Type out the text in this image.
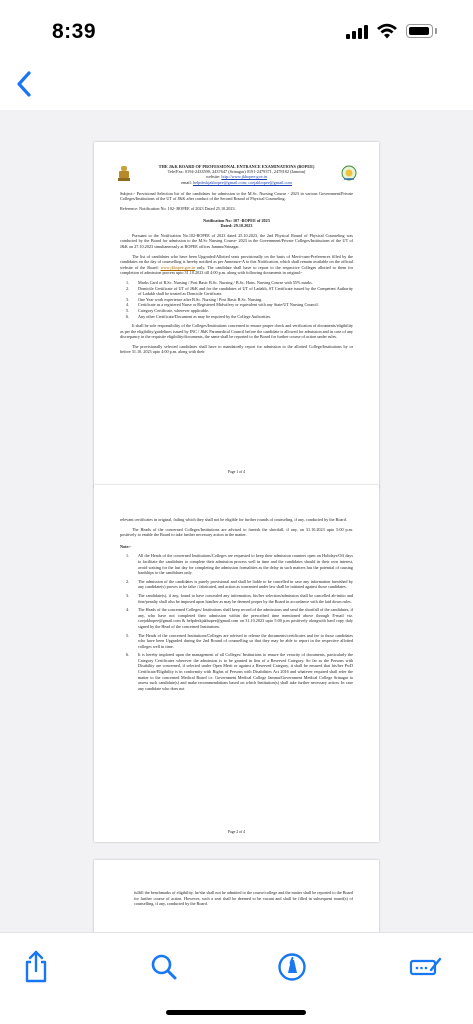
8:39
THE J&K BOARD OF PROFESSIONAL ENTRANCE EXAMINATIONS (BOPEE)
Tele/Fax: 0194-2433590, 2437647 (Srinagar) 0191-2479371, 2478182 (Jammu)
website: http://www.jkbopee.gov.in
email: helpdeskjakbopee@gmail.com; coejakbopee@gmail.com
Subject:- Provisional Selection list of the candidates for admission to the M.Sc. Nursing Course - 2023 in various Government/Private Colleges/Institutions of the UT of J&K after conduct of the Second Round of Physical Counseling.
Reference: Notification No. 102- BOPEE of 2023 Dated 25.10.2023.
Notification No: 107 -BOPEE of 2023
Dated: 29.10.2023
Pursuant to the Notification No.102-BOPEE of 2023 dated 25.10.2023, the 2nd Physical Round of Physical Counseling was conducted by the Board for admission to the M.Sc Nursing Course- 2023 in the Government/Private Colleges/Institutions of the UT of J&K on 27.10.2023 simultaneously at BOPEE offices Jammu/Srinagar.
The list of candidates who have been Upgraded/Allotted seats provisionally on the basis of Merit-cum-Preferences filled by the candidates on the day of counselling is hereby notified as per Annexure-A to this Notification, which shall remain available on the official website of the Board: www.jkbopee.gov.in only. The candidate shall have to report to the respective Colleges allotted to them for completion of admission process upto 31.10.2023 till 4:00 p.m. along with following documents in original:-
1.	Marks Card of B.Sc. Nursing / Post Basic B.Sc. Nursing / B.Sc. Hons. Nursing Course with 55% marks.
2.	Domicile Certificate of UT of J&K and for the candidates of UT of Ladakh, ST Certificate issued by the Competent Authority of Ladakh shall be treated as Domicile Certificate.
3.	One Year work experience after B.Sc. Nursing / Post Basic B.Sc. Nursing.
4.	Certificate as a registered Nurse or Registered Midwifery or equivalent with any State/UT Nursing Council.
5.	Category Certificate, wherever applicable.
6.	Any other Certificate/Document as may be required by the College Authorities.
It shall be sole responsibility of the Colleges/Institutions concerned to ensure proper check and verification of documents/eligibility as per the eligibility/guidelines issued by INC / J&K Paramedical Council before the candidate is allowed for admission and in case of any discrepancy in the requisite eligibility/documents, the same shall be reported to the Board for further course of action under rules.
The provisionally selected candidates shall have to mandatorily report for admission to the allotted College/Institutions by or before 31.10. 2023 upto 4:00 p.m. along with their
Page 1 of 4
relevant certificates in original, failing which they shall not be eligible for further rounds of counseling, if any, conducted by the Board.
The Heads of the concerned Colleges/Institutions are advised to furnish the shortfall, if any, on 31.10.2023 upto 5:00 p.m. positively to enable the Board to take further necessary action in the matter.
Note:-
1.	All the Heads of the concerned Institutions/Colleges are requested to keep their admission counters open on Holidays/Off days to facilitate the candidates to complete their admission process well in time and the candidates should in their own interest, avoid waiting for the last day for completing the admission formalities as the delay in such matters has the potential of causing hardships to the candidates only.
2.	The admission of the candidates is purely provisional and shall be liable to be cancelled in case any information furnished by any candidate(s) proves to be false / fabricated, and action as warranted under law shall be initiated against those candidates.
3.	The candidate(s), if any, found to have concealed any information, his/her selection/admission shall be cancelled ab-initio and fine/penalty shall also be imposed upon him/her as may be deemed proper by the Board in accordance with the laid down rules.
4.	The Heads of the concerned Colleges/ Institutions shall keep record of the admissions and send the shortfall of the candidates, if any, who have not completed their admission within the prescribed time mentioned above through E-mail viz. coejakbopee@gmail.com & helpdeskjakbopee@gmail.com on 31.10.2023 upto 5:00 p.m positively alongwith hard copy duly signed by the Head of the concerned Institutions.
5.	The Heads of the concerned Institutions/Colleges are advised to release the documents/certificates and fee to those candidates who have been Upgraded during the 2nd Round of counselling so that they may be able to report in the respective allotted colleges well in time.
6.	It is hereby implored upon the management of all Colleges/ Institutions to ensure the veracity of documents, particularly the Category Certificates wherever the admission is to be granted in lieu of a Reserved Category. So far as the Persons with Disability are concerned, if selected under Open Merit or against a Reserved Category, it shall be ensured that his/her PwD Certificate/Eligibility is in conformity with Rights of Persons with Disabilities Act 2016 and whatever required shall refer the matter to the concerned Medical Board i.e. Government Medical College Jammu/Government Medical College Srinagar to assess such candidate(s) and make recommendations based on which Institution(s) shall take further necessary action. In case any candidate who does not
Page 2 of 4
fulfill the benchmarks of eligibility, he/she shall not be admitted to the course/college and the matter shall be reported to the Board for further course of action. However, such a seat shall be deemed to be vacant and shall be filled in subsequent round(s) of counselling, if any, conducted by the Board.
